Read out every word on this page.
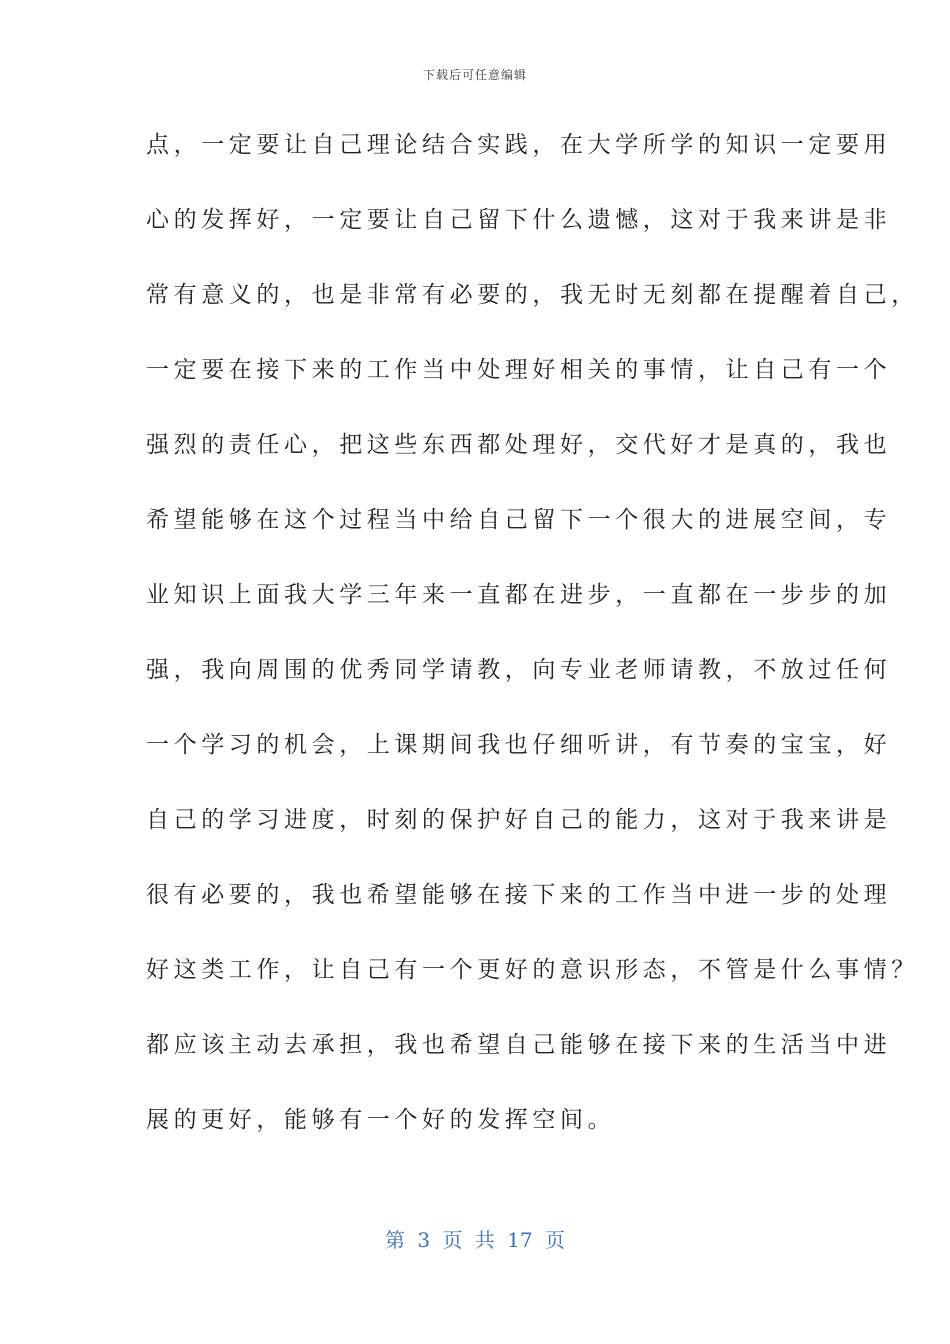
下载后可任意编辑
点，一定要让自己理论结合实践，在大学所学的知识一定要用
心的发挥好，一定要让自己留下什么遗憾，这对于我来讲是非
常有意义的，也是非常有必要的，我无时无刻都在提醒着自己，
一定要在接下来的工作当中处理好相关的事情，让自己有一个
强烈的责任心，把这些东西都处理好，交代好才是真的，我也
希望能够在这个过程当中给自己留下一个很大的进展空间，专
业知识上面我大学三年来一直都在进步，一直都在一步步的加
强，我向周围的优秀同学请教，向专业老师请教，不放过任何
一个学习的机会，上课期间我也仔细听讲，有节奏的宝宝，好
自己的学习进度，时刻的保护好自己的能力，这对于我来讲是
很有必要的，我也希望能够在接下来的工作当中进一步的处理
好这类工作，让自己有一个更好的意识形态，不管是什么事情？
都应该主动去承担，我也希望自己能够在接下来的生活当中进
展的更好，能够有一个好的发挥空间。
第 3 页 共 17 页
